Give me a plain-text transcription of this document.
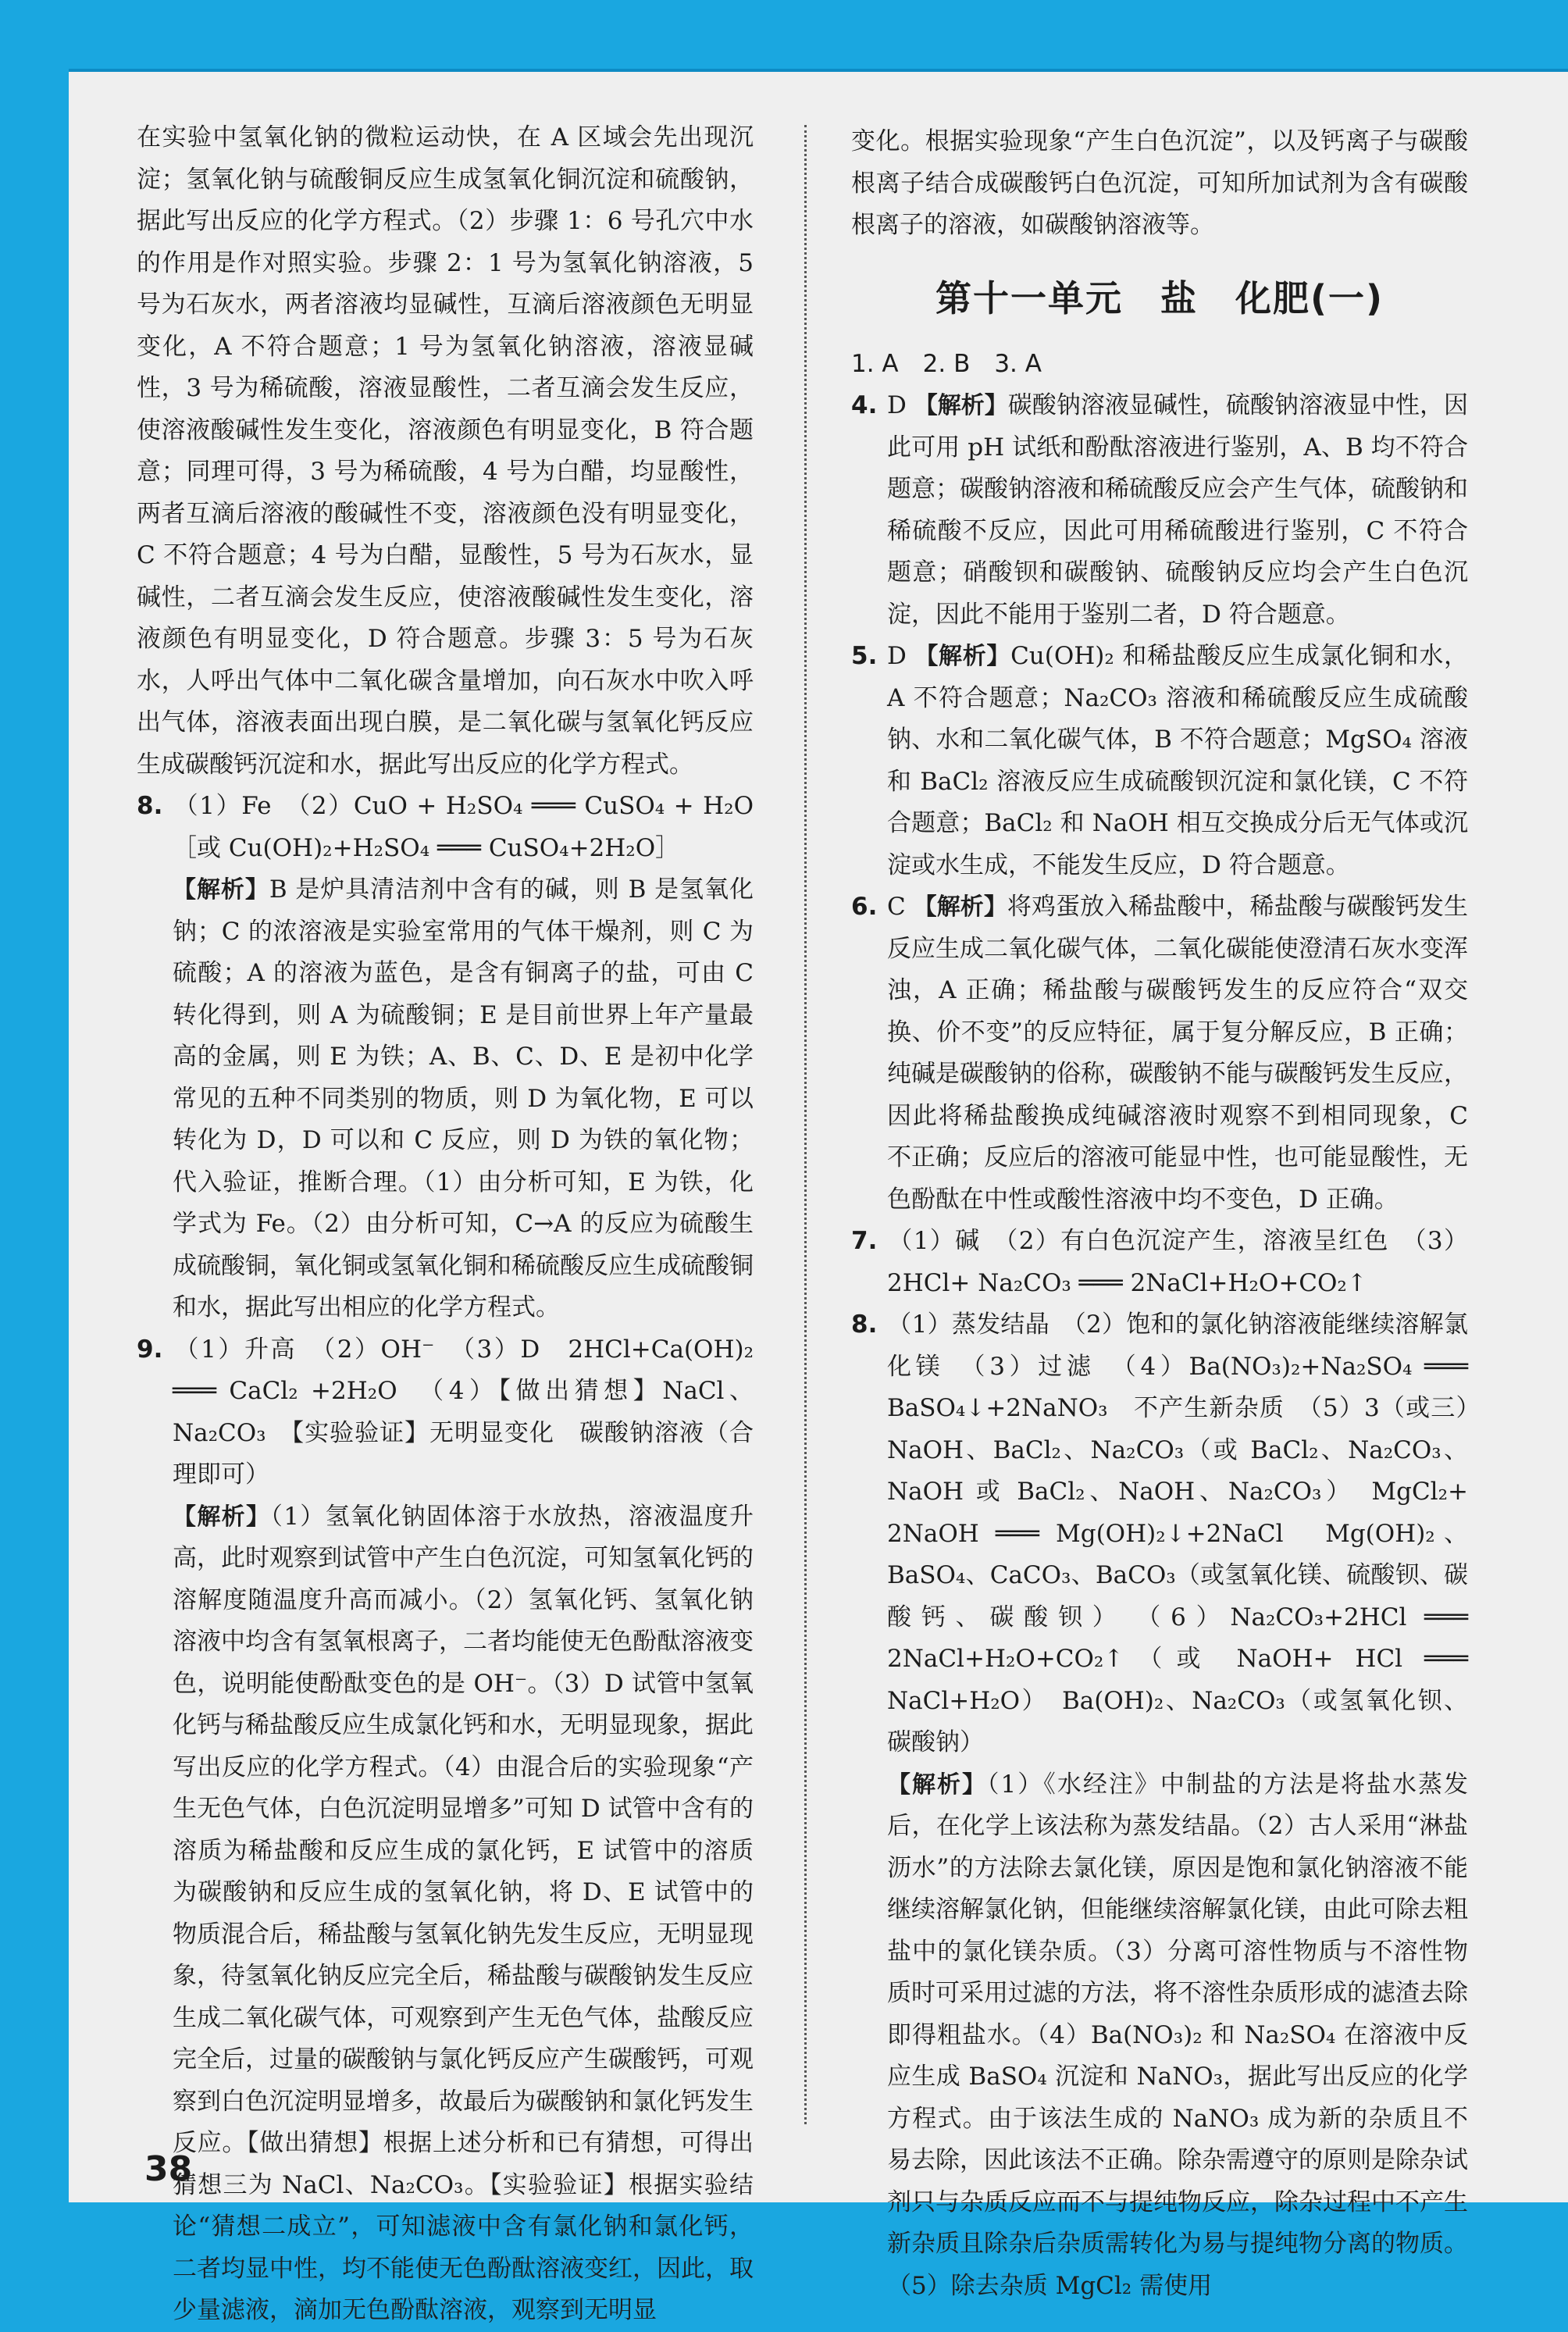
在实验中氢氧化钠的微粒运动快，在 A 区域会先出现沉淀；氢氧化钠与硫酸铜反应生成氢氧化铜沉淀和硫酸钠，据此写出反应的化学方程式。（2）步骤 1：6 号孔穴中水的作用是作对照实验。步骤 2：1 号为氢氧化钠溶液，5 号为石灰水，两者溶液均显碱性，互滴后溶液颜色无明显变化，A 不符合题意；1 号为氢氧化钠溶液，溶液显碱性，3 号为稀硫酸，溶液显酸性，二者互滴会发生反应，使溶液酸碱性发生变化，溶液颜色有明显变化，B 符合题意；同理可得，3 号为稀硫酸，4 号为白醋，均显酸性，两者互滴后溶液的酸碱性不变，溶液颜色没有明显变化，C 不符合题意；4 号为白醋，显酸性，5 号为石灰水，显碱性，二者互滴会发生反应，使溶液酸碱性发生变化，溶液颜色有明显变化，D 符合题意。步骤 3：5 号为石灰水，人呼出气体中二氧化碳含量增加，向石灰水中吹入呼出气体，溶液表面出现白膜，是二氧化碳与氢氧化钙反应生成碳酸钙沉淀和水，据此写出反应的化学方程式。

8. （1）Fe　（2）CuO + H₂SO₄ ═══ CuSO₄ + H₂O［或 Cu(OH)₂+H₂SO₄ ═══ CuSO₄+2H₂O］

【解析】B 是炉具清洁剂中含有的碱，则 B 是氢氧化钠；C 的浓溶液是实验室常用的气体干燥剂，则 C 为硫酸；A 的溶液为蓝色，是含有铜离子的盐，可由 C 转化得到，则 A 为硫酸铜；E 是目前世界上年产量最高的金属，则 E 为铁；A、B、C、D、E 是初中化学常见的五种不同类别的物质，则 D 为氧化物，E 可以转化为 D，D 可以和 C 反应，则 D 为铁的氧化物；代入验证，推断合理。（1）由分析可知，E 为铁，化学式为 Fe。（2）由分析可知，C→A 的反应为硫酸生成硫酸铜，氧化铜或氢氧化铜和稀硫酸反应生成硫酸铜和水，据此写出相应的化学方程式。

9. （1）升高　（2）OH⁻　（3）D　2HCl+Ca(OH)₂ ═══ CaCl₂ +2H₂O　（4）【做出猜想】NaCl、Na₂CO₃　【实验验证】无明显变化　碳酸钠溶液（合理即可）

【解析】（1）氢氧化钠固体溶于水放热，溶液温度升高，此时观察到试管中产生白色沉淀，可知氢氧化钙的溶解度随温度升高而减小。（2）氢氧化钙、氢氧化钠溶液中均含有氢氧根离子，二者均能使无色酚酞溶液变色，说明能使酚酞变色的是 OH⁻。（3）D 试管中氢氧化钙与稀盐酸反应生成氯化钙和水，无明显现象，据此写出反应的化学方程式。（4）由混合后的实验现象“产生无色气体，白色沉淀明显增多”可知 D 试管中含有的溶质为稀盐酸和反应生成的氯化钙，E 试管中的溶质为碳酸钠和反应生成的氢氧化钠，将 D、E 试管中的物质混合后，稀盐酸与氢氧化钠先发生反应，无明显现象，待氢氧化钠反应完全后，稀盐酸与碳酸钠发生反应生成二氧化碳气体，可观察到产生无色气体，盐酸反应完全后，过量的碳酸钠与氯化钙反应产生碳酸钙，可观察到白色沉淀明显增多，故最后为碳酸钠和氯化钙发生反应。【做出猜想】根据上述分析和已有猜想，可得出猜想三为 NaCl、Na₂CO₃。【实验验证】根据实验结论“猜想二成立”，可知滤液中含有氯化钠和氯化钙，二者均显中性，均不能使无色酚酞溶液变红，因此，取少量滤液，滴加无色酚酞溶液，观察到无明显

变化。根据实验现象“产生白色沉淀”，以及钙离子与碳酸根离子结合成碳酸钙白色沉淀，可知所加试剂为含有碳酸根离子的溶液，如碳酸钠溶液等。

第十一单元　盐　化肥(一)

1. A　2. B　3. A

4. D 【解析】碳酸钠溶液显碱性，硫酸钠溶液显中性，因此可用 pH 试纸和酚酞溶液进行鉴别，A、B 均不符合题意；碳酸钠溶液和稀硫酸反应会产生气体，硫酸钠和稀硫酸不反应，因此可用稀硫酸进行鉴别，C 不符合题意；硝酸钡和碳酸钠、硫酸钠反应均会产生白色沉淀，因此不能用于鉴别二者，D 符合题意。

5. D 【解析】Cu(OH)₂ 和稀盐酸反应生成氯化铜和水，A 不符合题意；Na₂CO₃ 溶液和稀硫酸反应生成硫酸钠、水和二氧化碳气体，B 不符合题意；MgSO₄ 溶液和 BaCl₂ 溶液反应生成硫酸钡沉淀和氯化镁，C 不符合题意；BaCl₂ 和 NaOH 相互交换成分后无气体或沉淀或水生成，不能发生反应，D 符合题意。

6. C 【解析】将鸡蛋放入稀盐酸中，稀盐酸与碳酸钙发生反应生成二氧化碳气体，二氧化碳能使澄清石灰水变浑浊，A 正确；稀盐酸与碳酸钙发生的反应符合“双交换、价不变”的反应特征，属于复分解反应，B 正确；纯碱是碳酸钠的俗称，碳酸钠不能与碳酸钙发生反应，因此将稀盐酸换成纯碱溶液时观察不到相同现象，C 不正确；反应后的溶液可能显中性，也可能显酸性，无色酚酞在中性或酸性溶液中均不变色，D 正确。

7. （1）碱　（2）有白色沉淀产生，溶液呈红色　（3）2HCl+ Na₂CO₃ ═══ 2NaCl+H₂O+CO₂↑

8. （1）蒸发结晶　（2）饱和的氯化钠溶液能继续溶解氯化镁　（3）过滤　（4）Ba(NO₃)₂+Na₂SO₄ ═══ BaSO₄↓+2NaNO₃　不产生新杂质　（5）3（或三）　NaOH、BaCl₂、Na₂CO₃（或 BaCl₂、Na₂CO₃、NaOH 或 BaCl₂、NaOH、Na₂CO₃）　MgCl₂+ 2NaOH ═══ Mg(OH)₂↓+2NaCl　Mg(OH)₂、BaSO₄、CaCO₃、BaCO₃（或氢氧化镁、硫酸钡、碳酸钙、碳酸钡）　（6）Na₂CO₃+2HCl ═══ 2NaCl+H₂O+CO₂↑（或 NaOH+ HCl ═══ NaCl+H₂O）　Ba(OH)₂、Na₂CO₃（或氢氧化钡、碳酸钠）

【解析】（1）《水经注》中制盐的方法是将盐水蒸发后，在化学上该法称为蒸发结晶。（2）古人采用“淋盐沥水”的方法除去氯化镁，原因是饱和氯化钠溶液不能继续溶解氯化钠，但能继续溶解氯化镁，由此可除去粗盐中的氯化镁杂质。（3）分离可溶性物质与不溶性物质时可采用过滤的方法，将不溶性杂质形成的滤渣去除即得粗盐水。（4）Ba(NO₃)₂ 和 Na₂SO₄ 在溶液中反应生成 BaSO₄ 沉淀和 NaNO₃，据此写出反应的化学方程式。由于该法生成的 NaNO₃ 成为新的杂质且不易去除，因此该法不正确。除杂需遵守的原则是除杂试剂只与杂质反应而不与提纯物反应，除杂过程中不产生新杂质且除杂后杂质需转化为易与提纯物分离的物质。（5）除去杂质 MgCl₂ 需使用

38
